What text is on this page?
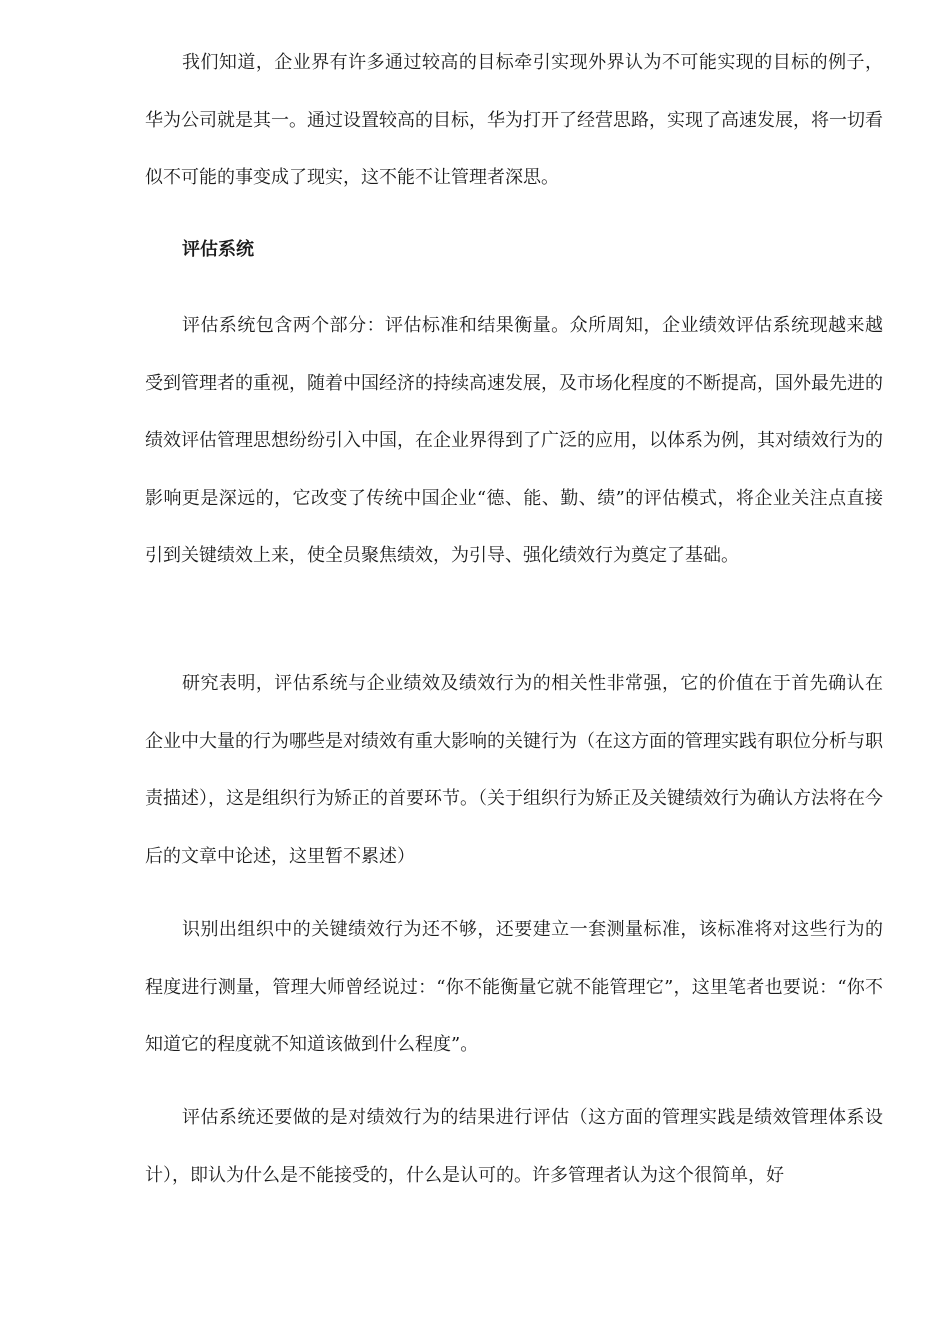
我们知道，企业界有许多通过较高的目标牵引实现外界认为不可能实现的目标的例子，华为公司就是其一。通过设置较高的目标，华为打开了经营思路，实现了高速发展，将一切看似不可能的事变成了现实，这不能不让管理者深思。

评估系统

评估系统包含两个部分：评估标准和结果衡量。众所周知，企业绩效评估系统现越来越受到管理者的重视，随着中国经济的持续高速发展，及市场化程度的不断提高，国外最先进的绩效评估管理思想纷纷引入中国，在企业界得到了广泛的应用，以体系为例，其对绩效行为的影响更是深远的，它改变了传统中国企业“德、能、勤、绩”的评估模式，将企业关注点直接引到关键绩效上来，使全员聚焦绩效，为引导、强化绩效行为奠定了基础。

研究表明，评估系统与企业绩效及绩效行为的相关性非常强，它的价值在于首先确认在企业中大量的行为哪些是对绩效有重大影响的关键行为（在这方面的管理实践有职位分析与职责描述），这是组织行为矫正的首要环节。（关于组织行为矫正及关键绩效行为确认方法将在今后的文章中论述，这里暂不累述）

识别出组织中的关键绩效行为还不够，还要建立一套测量标准，该标准将对这些行为的程度进行测量，管理大师曾经说过：“你不能衡量它就不能管理它”，这里笔者也要说：“你不知道它的程度就不知道该做到什么程度”。

评估系统还要做的是对绩效行为的结果进行评估（这方面的管理实践是绩效管理体系设计），即认为什么是不能接受的，什么是认可的。许多管理者认为这个很简单，好
